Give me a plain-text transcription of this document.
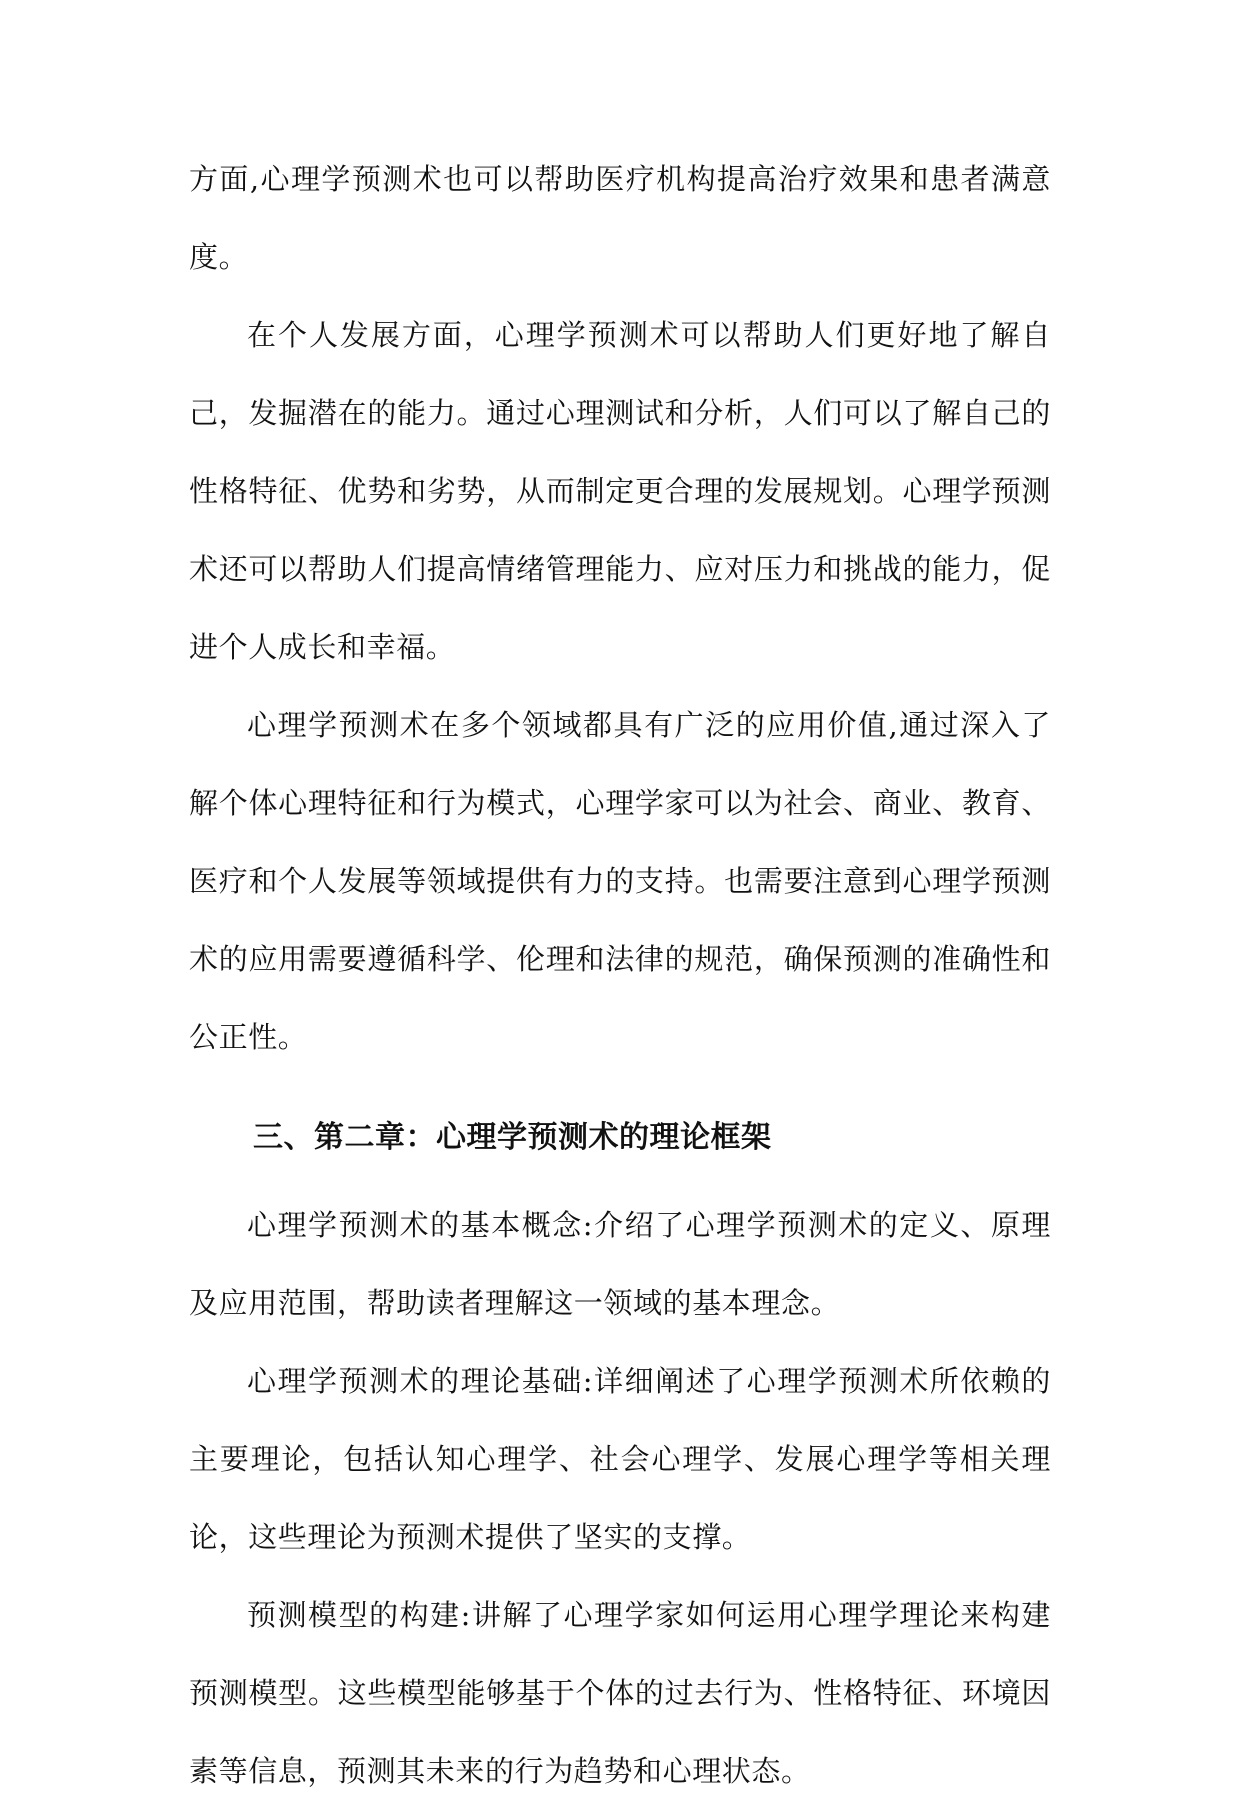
方面,心理学预测术也可以帮助医疗机构提高治疗效果和患者满意度。

在个人发展方面，心理学预测术可以帮助人们更好地了解自己，发掘潜在的能力。通过心理测试和分析，人们可以了解自己的性格特征、优势和劣势，从而制定更合理的发展规划。心理学预测术还可以帮助人们提高情绪管理能力、应对压力和挑战的能力，促进个人成长和幸福。

心理学预测术在多个领域都具有广泛的应用价值,通过深入了解个体心理特征和行为模式，心理学家可以为社会、商业、教育、医疗和个人发展等领域提供有力的支持。也需要注意到心理学预测术的应用需要遵循科学、伦理和法律的规范，确保预测的准确性和公正性。

三、第二章：心理学预测术的理论框架

心理学预测术的基本概念:介绍了心理学预测术的定义、原理及应用范围，帮助读者理解这一领域的基本理念。

心理学预测术的理论基础:详细阐述了心理学预测术所依赖的主要理论，包括认知心理学、社会心理学、发展心理学等相关理论，这些理论为预测术提供了坚实的支撑。

预测模型的构建:讲解了心理学家如何运用心理学理论来构建预测模型。这些模型能够基于个体的过去行为、性格特征、环境因素等信息，预测其未来的行为趋势和心理状态。
